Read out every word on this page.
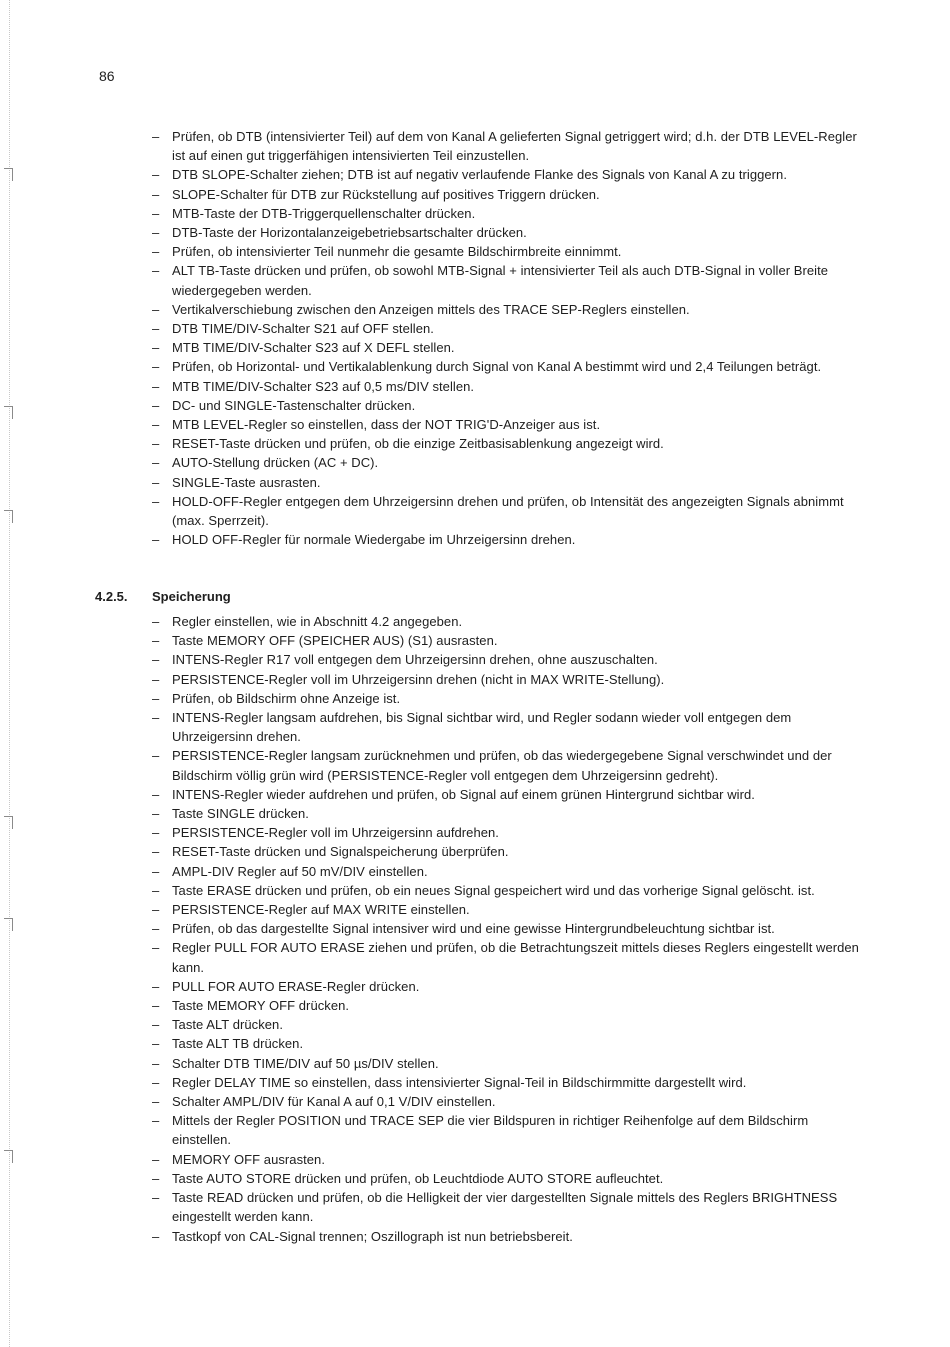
86
– Prüfen, ob DTB (intensivierter Teil) auf dem von Kanal A gelieferten Signal getriggert wird; d.h. der DTB LEVEL-Regler ist auf einen gut triggerfähigen intensivierten Teil einzustellen.
– DTB SLOPE-Schalter ziehen; DTB ist auf negativ verlaufende Flanke des Signals von Kanal A zu triggern.
– SLOPE-Schalter für DTB zur Rückstellung auf positives Triggern drücken.
– MTB-Taste der DTB-Triggerquellenschalter drücken.
– DTB-Taste der Horizontalanzeigebetriebsartschalter drücken.
– Prüfen, ob intensivierter Teil nunmehr die gesamte Bildschirmbreite einnimmt.
– ALT TB-Taste drücken und prüfen, ob sowohl MTB-Signal + intensivierter Teil als auch DTB-Signal in voller Breite wiedergegeben werden.
– Vertikalverschiebung zwischen den Anzeigen mittels des TRACE SEP-Reglers einstellen.
– DTB TIME/DIV-Schalter S21 auf OFF stellen.
– MTB TIME/DIV-Schalter S23 auf X DEFL stellen.
– Prüfen, ob Horizontal- und Vertikalablenkung durch Signal von Kanal A bestimmt wird und 2,4 Teilungen beträgt.
– MTB TIME/DIV-Schalter S23 auf 0,5 ms/DIV stellen.
– DC- und SINGLE-Tastenschalter drücken.
– MTB LEVEL-Regler so einstellen, dass der NOT TRIG'D-Anzeiger aus ist.
– RESET-Taste drücken und prüfen, ob die einzige Zeitbasisablenkung angezeigt wird.
– AUTO-Stellung drücken (AC + DC).
– SINGLE-Taste ausrasten.
– HOLD-OFF-Regler entgegen dem Uhrzeigersinn drehen und prüfen, ob Intensität des angezeigten Signals abnimmt (max. Sperrzeit).
– HOLD OFF-Regler für normale Wiedergabe im Uhrzeigersinn drehen.
4.2.5. Speicherung
– Regler einstellen, wie in Abschnitt 4.2 angegeben.
– Taste MEMORY OFF (SPEICHER AUS) (S1) ausrasten.
– INTENS-Regler R17 voll entgegen dem Uhrzeigersinn drehen, ohne auszuschalten.
– PERSISTENCE-Regler voll im Uhrzeigersinn drehen (nicht in MAX WRITE-Stellung).
– Prüfen, ob Bildschirm ohne Anzeige ist.
– INTENS-Regler langsam aufdrehen, bis Signal sichtbar wird, und Regler sodann wieder voll entgegen dem Uhrzeigersinn drehen.
– PERSISTENCE-Regler langsam zurücknehmen und prüfen, ob das wiedergegebene Signal verschwindet und der Bildschirm völlig grün wird (PERSISTENCE-Regler voll entgegen dem Uhrzeigersinn gedreht).
– INTENS-Regler wieder aufdrehen und prüfen, ob Signal auf einem grünen Hintergrund sichtbar wird.
– Taste SINGLE drücken.
– PERSISTENCE-Regler voll im Uhrzeigersinn aufdrehen.
– RESET-Taste drücken und Signalspeicherung überprüfen.
– AMPL-DIV Regler auf 50 mV/DIV einstellen.
– Taste ERASE drücken und prüfen, ob ein neues Signal gespeichert wird und das vorherige Signal gelöscht. ist.
– PERSISTENCE-Regler auf MAX WRITE einstellen.
– Prüfen, ob das dargestellte Signal intensiver wird und eine gewisse Hintergrundbeleuchtung sichtbar ist.
– Regler PULL FOR AUTO ERASE ziehen und prüfen, ob die Betrachtungszeit mittels dieses Reglers eingestellt werden kann.
– PULL FOR AUTO ERASE-Regler drücken.
– Taste MEMORY OFF drücken.
– Taste ALT drücken.
– Taste ALT TB drücken.
– Schalter DTB TIME/DIV auf 50 µs/DIV stellen.
– Regler DELAY TIME so einstellen, dass intensivierter Signal-Teil in Bildschirmmitte dargestellt wird.
– Schalter AMPL/DIV für Kanal A auf 0,1 V/DIV einstellen.
– Mittels der Regler POSITION und TRACE SEP die vier Bildspuren in richtiger Reihenfolge auf dem Bildschirm einstellen.
– MEMORY OFF ausrasten.
– Taste AUTO STORE drücken und prüfen, ob Leuchtdiode AUTO STORE aufleuchtet.
– Taste READ drücken und prüfen, ob die Helligkeit der vier dargestellten Signale mittels des Reglers BRIGHTNESS eingestellt werden kann.
– Tastkopf von CAL-Signal trennen; Oszillograph ist nun betriebsbereit.
